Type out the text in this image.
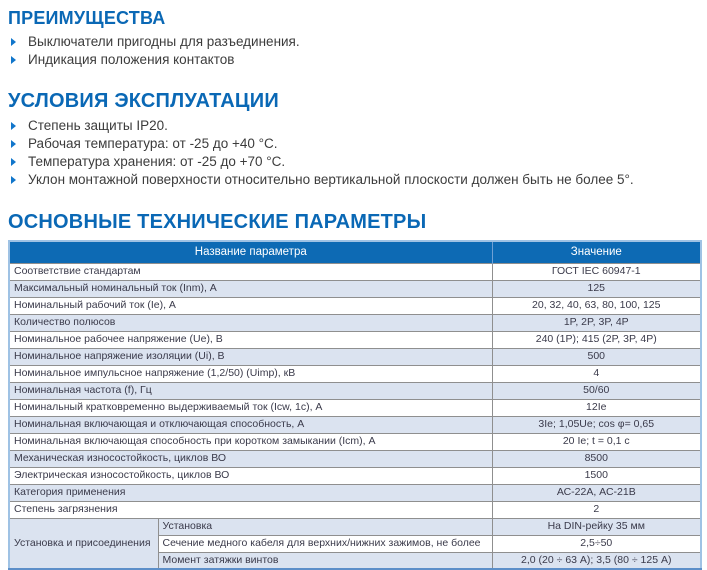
ПРЕИМУЩЕСТВА
Выключатели пригодны для разъединения.
Индикация положения контактов
УСЛОВИЯ ЭКСПЛУАТАЦИИ
Степень защиты IP20.
Рабочая температура: от -25 до +40 °C.
Температура хранения: от -25 до +70 °C.
Уклон монтажной поверхности относительно вертикальной плоскости должен быть не более 5°.
ОСНОВНЫЕ ТЕХНИЧЕСКИЕ ПАРАМЕТРЫ
Название параметра		Значение
Соответствие стандартам		ГОСТ IEC 60947-1
Максимальный номинальный ток (Inm), А		125
Номинальный рабочий ток (Ie), А		20, 32, 40, 63, 80, 100, 125
Количество полюсов		1P, 2P, 3P, 4P
Номинальное рабочее напряжение (Ue), В		240 (1P); 415 (2P, 3P, 4P)
Номинальное напряжение изоляции (Ui), В		500
Номинальное импульсное напряжение (1,2/50) (Uimp), кВ		4
Номинальная частота (f), Гц		50/60
Номинальный кратковременно выдерживаемый ток (Icw, 1c), А		12Ie
Номинальная включающая и отключающая способность, А		3Ie; 1,05Ue; cos φ= 0,65
Номинальная включающая способность при коротком замыкании (Icm), А		20 Ie; t = 0,1 с
Механическая износостойкость, циклов ВО		8500
Электрическая износостойкость, циклов ВО		1500
Категория применения		АС-22А, АС-21В
Степень загрязнения		2
Установка и присоединения	Установка	На DIN-рейку 35 мм
	Сечение медного кабеля для верхних/нижних зажимов, не более	2,5÷50
	Момент затяжки винтов	2,0 (20 ÷ 63 А); 3,5 (80 ÷ 125 А)
